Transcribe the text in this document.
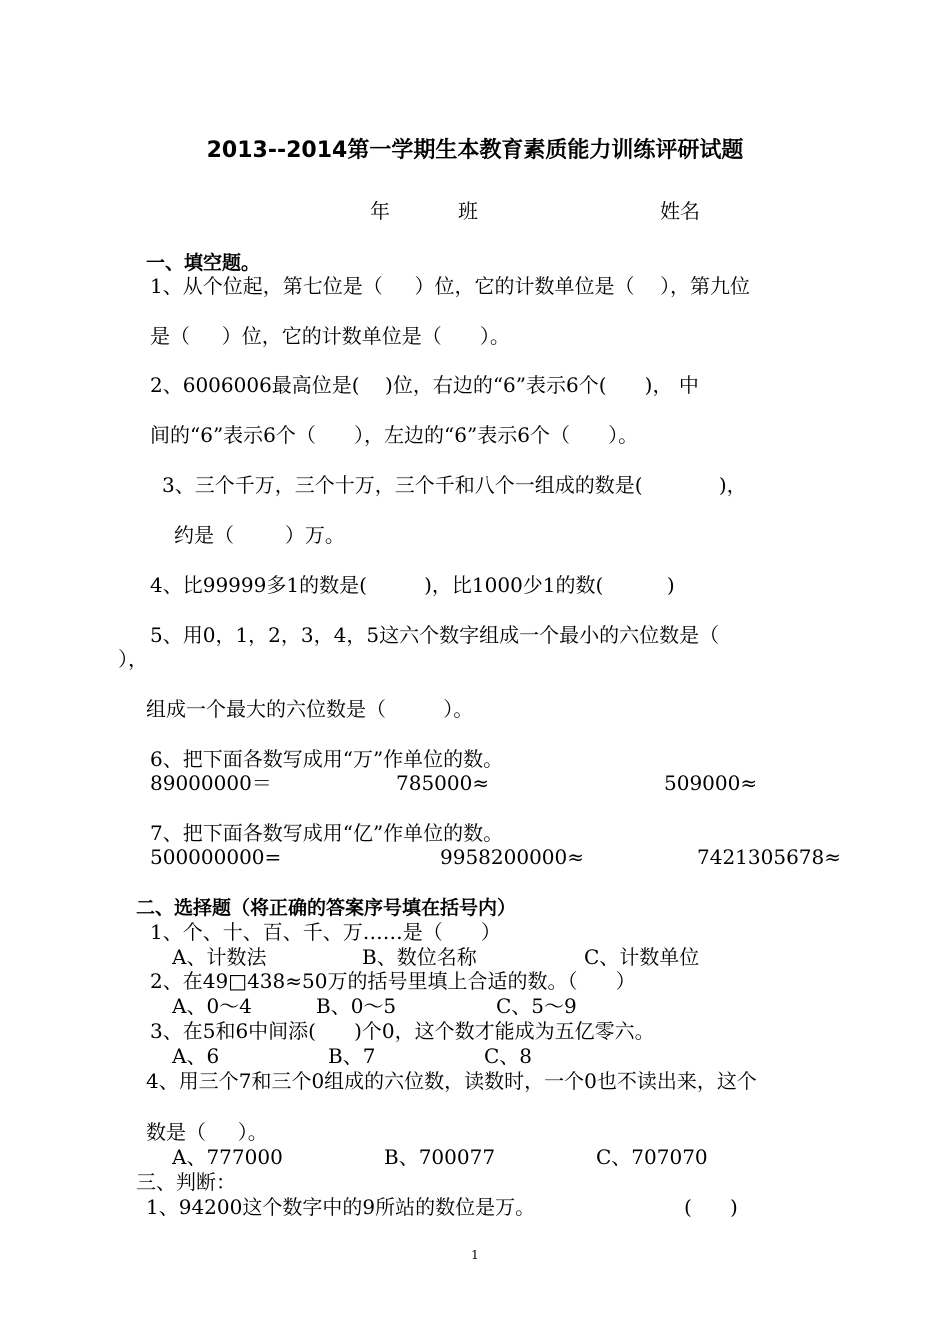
2013--2014第一学期生本教育素质能力训练评研试题
年	班	姓名
一、填空题。
1、从个位起，第七位是（     ）位，它的计数单位是（    ），第九位
是（     ）位，它的计数单位是（      ）。
2、6006006最高位是(    )位，右边的“6”表示6个(      )， 中
间的“6”表示6个（      ），左边的“6”表示6个（      ）。
3、三个千万，三个十万，三个千和八个一组成的数是(            )，
约是（        ）万。
4、比99999多1的数是(         )，比1000少1的数(          )
5、用0，1，2，3，4，5这六个数字组成一个最小的六位数是（
），
组成一个最大的六位数是（         ）。
6、把下面各数写成用“万”作单位的数。
89000000＝	785000≈	509000≈
7、把下面各数写成用“亿”作单位的数。
500000000=	9958200000≈	7421305678≈
二、选择题（将正确的答案序号填在括号内）
1、个、十、百、千、万……是（      ）
A、计数法	B、数位名称	C、计数单位
2、在49□438≈50万的括号里填上合适的数。（      ）
A、0～4	B、0～5	C、5～9
3、在5和6中间添(      )个0，这个数才能成为五亿零六。
A、6	B、7	C、8
4、用三个7和三个0组成的六位数，读数时，一个0也不读出来，这个
数是（     ）。
A、777000	B、700077	C、707070
三、判断：
1、94200这个数字中的9所站的数位是万。	(      )
1
